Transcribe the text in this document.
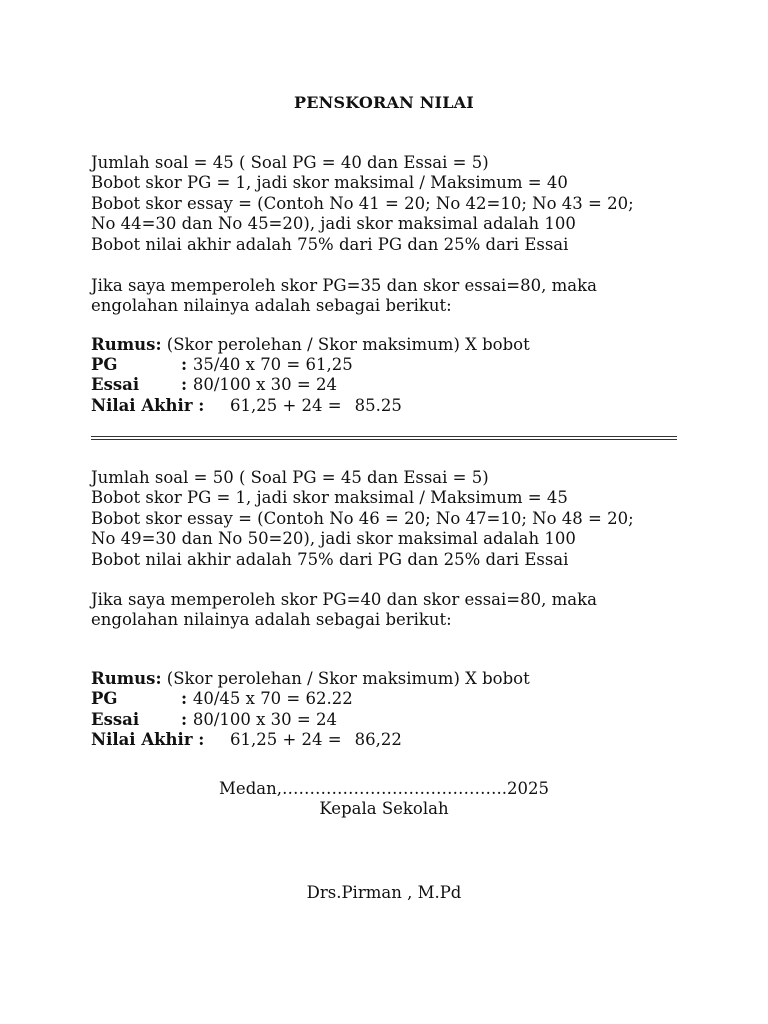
PENSKORAN NILAI
Jumlah soal = 45 ( Soal PG = 40 dan Essai = 5)
Bobot skor PG = 1, jadi skor maksimal / Maksimum = 40
Bobot skor essay = (Contoh No 41 = 20; No 42=10; No 43 = 20;
No 44=30 dan No 45=20), jadi skor maksimal adalah 100
Bobot nilai akhir adalah 75% dari PG dan 25% dari Essai
Jika saya memperoleh skor PG=35 dan skor essai=80, maka
engolahan nilainya adalah sebagai berikut:
Rumus: (Skor perolehan / Skor maksimum) X bobot
PG	: 35/40 x 70 = 61,25
Essai	: 80/100 x 30 = 24
Nilai Akhir : 61,25 + 24 = 85.25
Jumlah soal = 50 ( Soal PG = 45 dan Essai = 5)
Bobot skor PG = 1, jadi skor maksimal / Maksimum = 45
Bobot skor essay = (Contoh No 46 = 20; No 47=10; No 48 = 20;
No 49=30 dan No 50=20), jadi skor maksimal adalah 100
Bobot nilai akhir adalah 75% dari PG dan 25% dari Essai
Jika saya memperoleh skor PG=40 dan skor essai=80, maka
engolahan nilainya adalah sebagai berikut:
Rumus: (Skor perolehan / Skor maksimum) X bobot
PG	: 40/45 x 70 = 62.22
Essai	: 80/100 x 30 = 24
Nilai Akhir : 61,25 + 24 = 86,22
Medan,…………………………………..2025
Kepala Sekolah
Drs.Pirman , M.Pd
